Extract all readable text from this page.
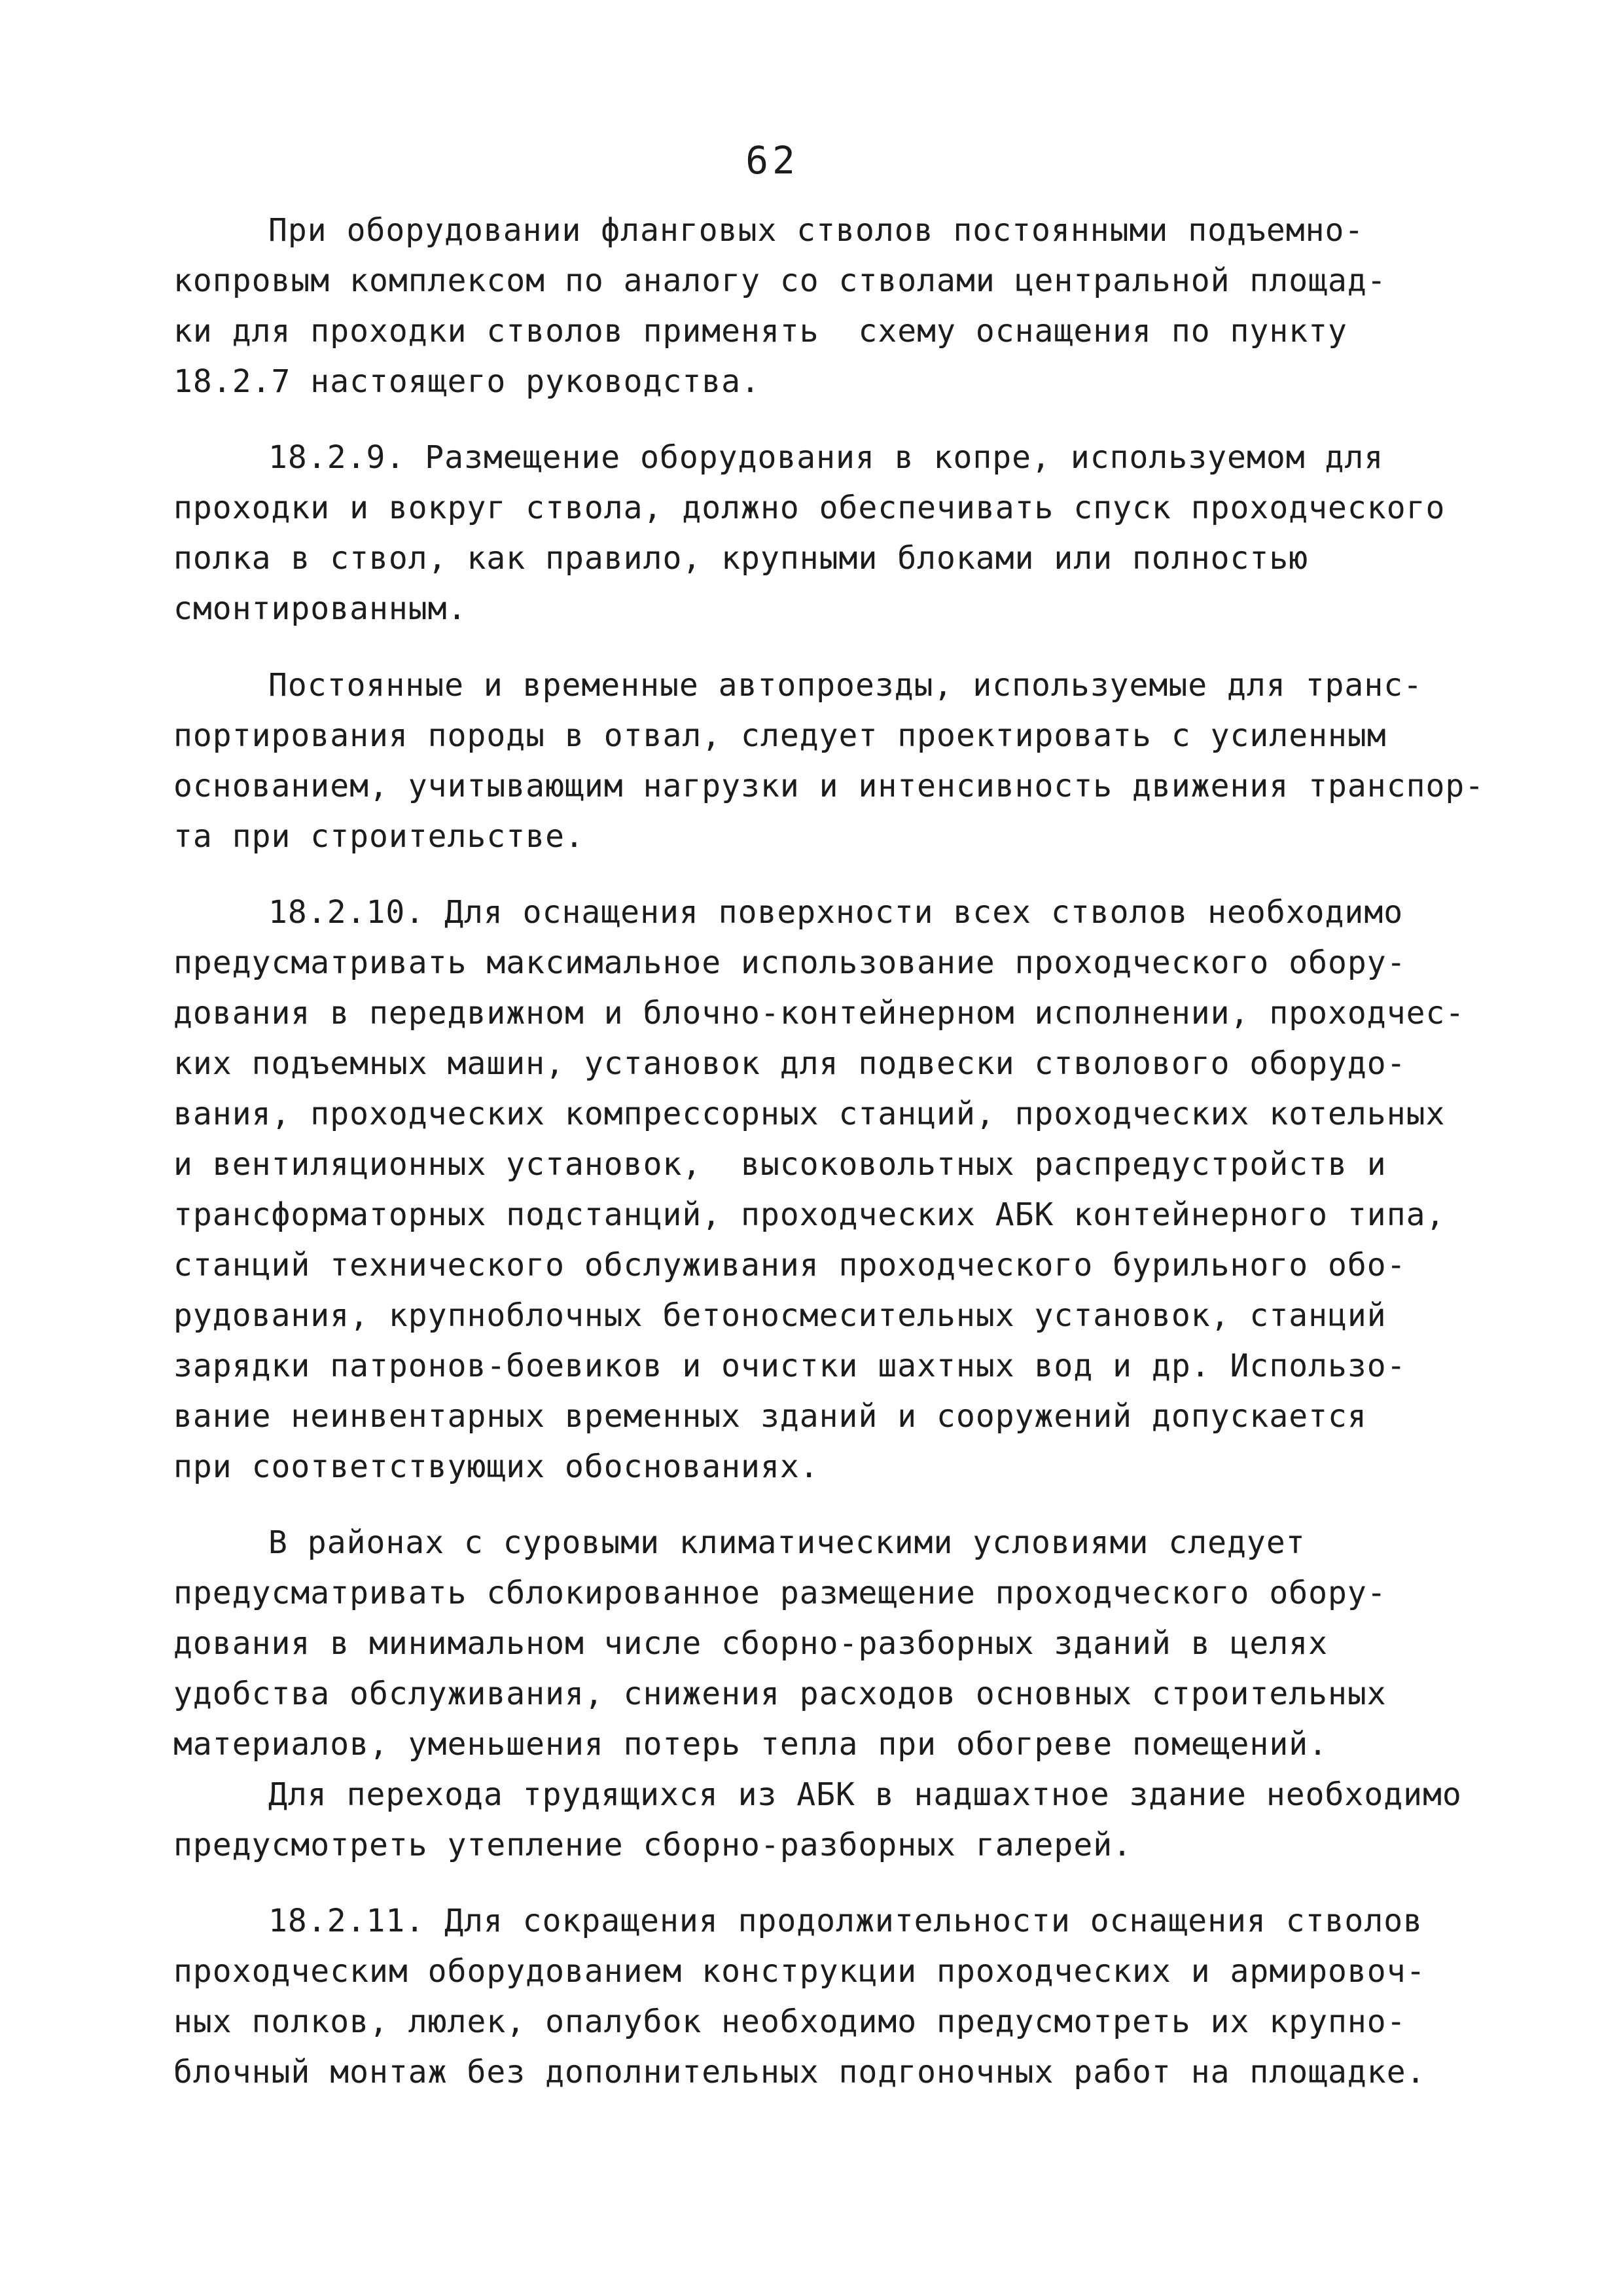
62
При оборудовании фланговых стволов постоянными подъемно-
копровым комплексом по аналогу со стволами центральной площад-
ки для проходки стволов применять  схему оснащения по пункту
18.2.7 настоящего руководства.
18.2.9. Размещение оборудования в копре, используемом для
проходки и вокруг ствола, должно обеспечивать спуск проходческого
полка в ствол, как правило, крупными блоками или полностью
смонтированным.
Постоянные и временные автопроезды, используемые для транс-
портирования породы в отвал, следует проектировать с усиленным
основанием, учитывающим нагрузки и интенсивность движения транспор-
та при строительстве.
18.2.10. Для оснащения поверхности всех стволов необходимо
предусматривать максимальное использование проходческого обору-
дования в передвижном и блочно-контейнерном исполнении, проходчес-
ких подъемных машин, установок для подвески стволового оборудо-
вания, проходческих компрессорных станций, проходческих котельных
и вентиляционных установок,  высоковольтных распредустройств и
трансформаторных подстанций, проходческих АБК контейнерного типа,
станций технического обслуживания проходческого бурильного обо-
рудования, крупноблочных бетоносмесительных установок, станций
зарядки патронов-боевиков и очистки шахтных вод и др. Использо-
вание неинвентарных временных зданий и сооружений допускается
при соответствующих обоснованиях.
В районах с суровыми климатическими условиями следует
предусматривать сблокированное размещение проходческого обору-
дования в минимальном числе сборно-разборных зданий в целях
удобства обслуживания, снижения расходов основных строительных
материалов, уменьшения потерь тепла при обогреве помещений.
Для перехода трудящихся из АБК в надшахтное здание необходимо
предусмотреть утепление сборно-разборных галерей.
18.2.11. Для сокращения продолжительности оснащения стволов
проходческим оборудованием конструкции проходческих и армировоч-
ных полков, люлек, опалубок необходимо предусмотреть их крупно-
блочный монтаж без дополнительных подгоночных работ на площадке.
